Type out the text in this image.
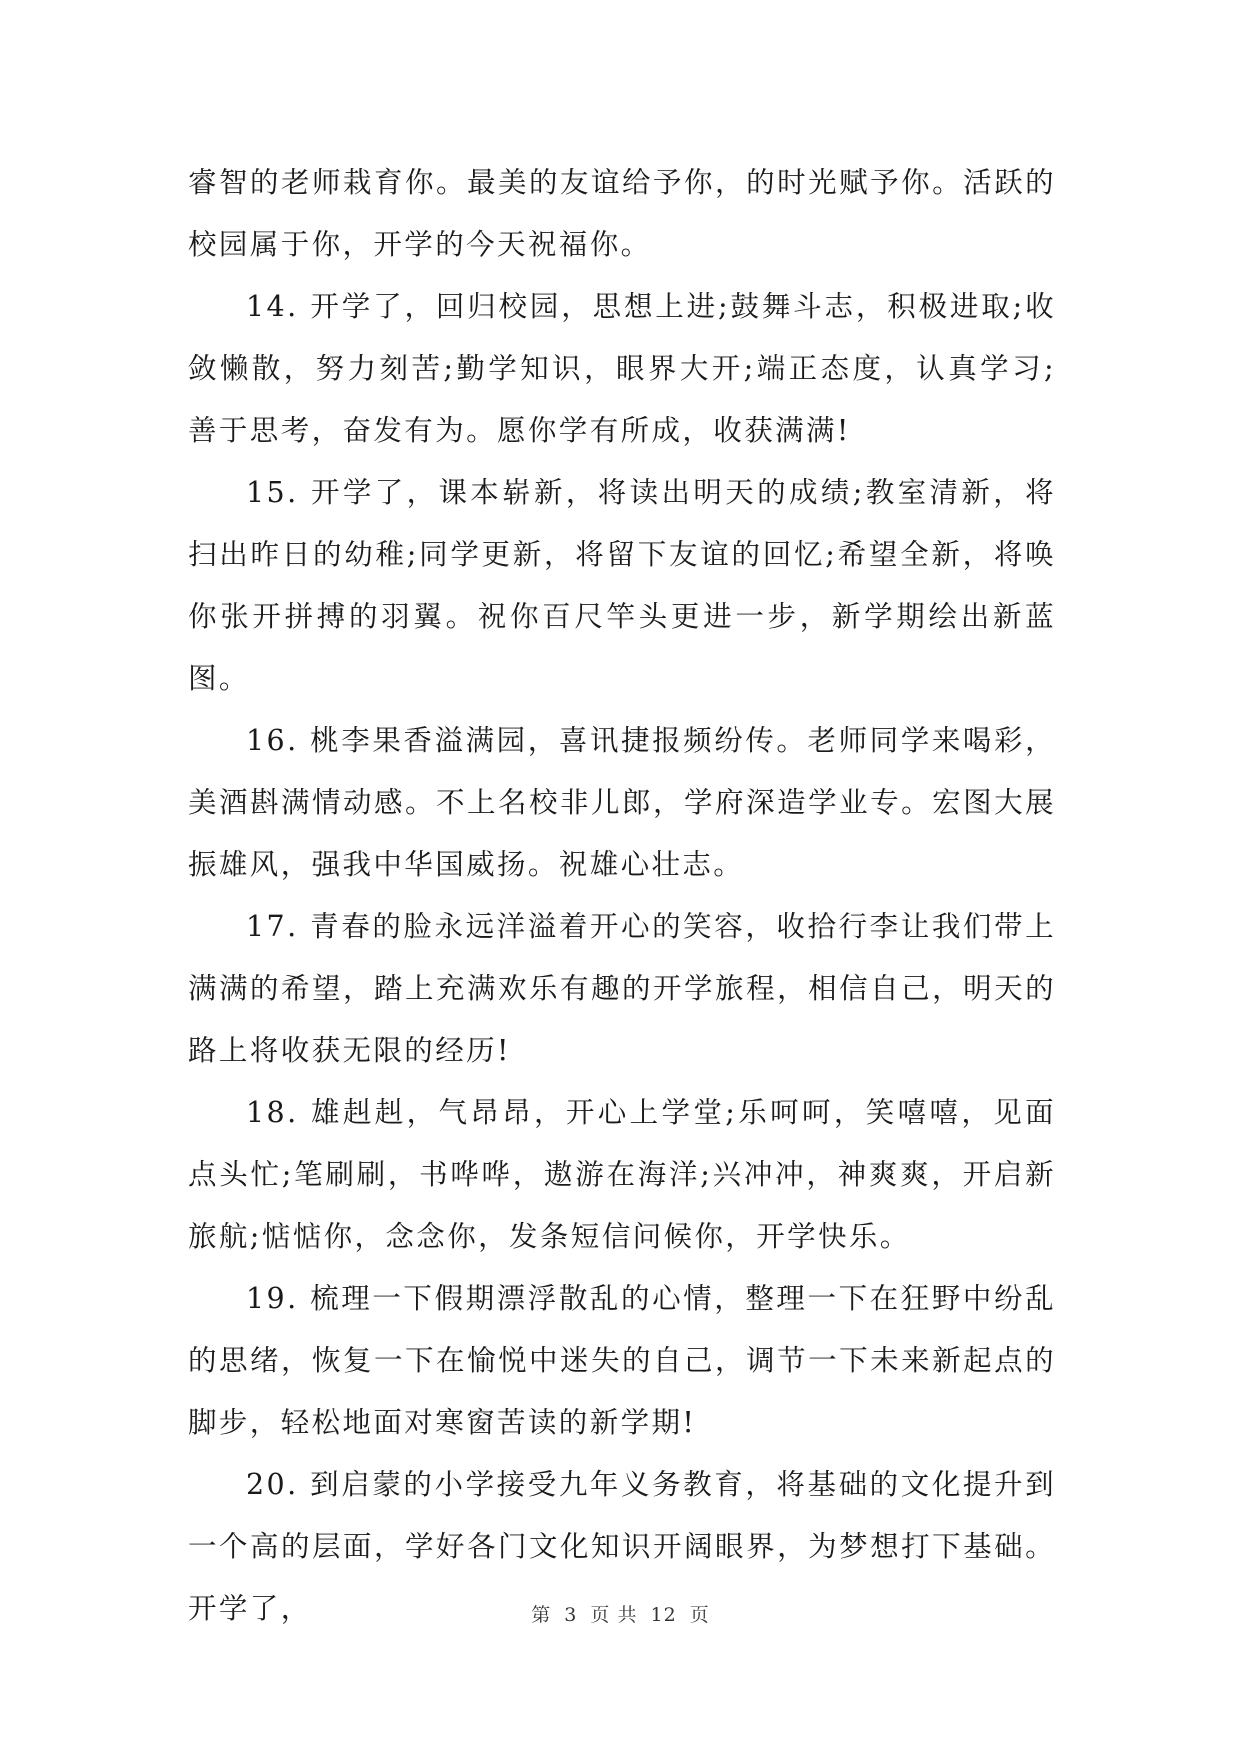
睿智的老师栽育你。最美的友谊给予你，的时光赋予你。活跃的校园属于你，开学的今天祝福你。

14. 开学了，回归校园，思想上进;鼓舞斗志，积极进取;收敛懒散，努力刻苦;勤学知识，眼界大开;端正态度，认真学习;善于思考，奋发有为。愿你学有所成，收获满满!

15. 开学了，课本崭新，将读出明天的成绩;教室清新，将扫出昨日的幼稚;同学更新，将留下友谊的回忆;希望全新，将唤你张开拼搏的羽翼。祝你百尺竿头更进一步，新学期绘出新蓝图。

16. 桃李果香溢满园，喜讯捷报频纷传。老师同学来喝彩，美酒斟满情动感。不上名校非儿郎，学府深造学业专。宏图大展振雄风，强我中华国威扬。祝雄心壮志。

17. 青春的脸永远洋溢着开心的笑容，收拾行李让我们带上满满的希望，踏上充满欢乐有趣的开学旅程，相信自己，明天的路上将收获无限的经历!

18. 雄赳赳，气昂昂，开心上学堂;乐呵呵，笑嘻嘻，见面点头忙;笔刷刷，书哗哗，遨游在海洋;兴冲冲，神爽爽，开启新旅航;惦惦你，念念你，发条短信问候你，开学快乐。

19. 梳理一下假期漂浮散乱的心情，整理一下在狂野中纷乱的思绪，恢复一下在愉悦中迷失的自己，调节一下未来新起点的脚步，轻松地面对寒窗苦读的新学期!

20. 到启蒙的小学接受九年义务教育，将基础的文化提升到一个高的层面，学好各门文化知识开阔眼界，为梦想打下基础。开学了，	第 3 页 共 12 页
